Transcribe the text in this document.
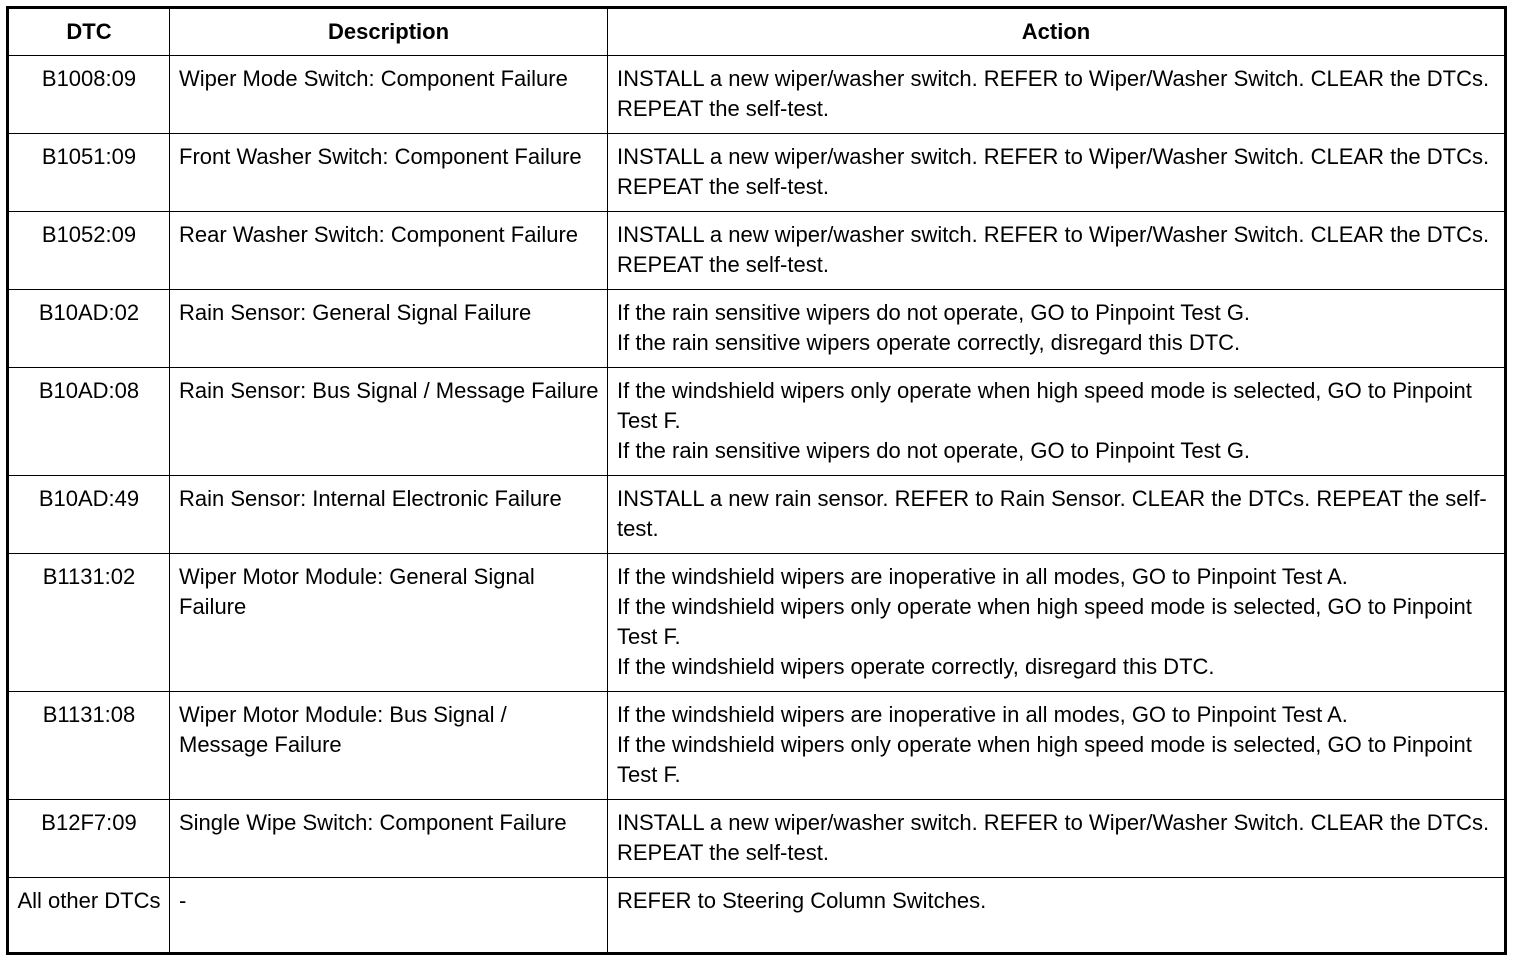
DTC	Description	Action
B1008:09	Wiper Mode Switch: Component Failure	INSTALL a new wiper/washer switch. REFER to Wiper/Washer Switch. CLEAR the DTCs. REPEAT the self-test.

B1051:09	Front Washer Switch: Component Failure	INSTALL a new wiper/washer switch. REFER to Wiper/Washer Switch. CLEAR the DTCs. REPEAT the self-test.

B1052:09	Rear Washer Switch: Component Failure	INSTALL a new wiper/washer switch. REFER to Wiper/Washer Switch. CLEAR the DTCs. REPEAT the self-test.

B10AD:02	Rain Sensor: General Signal Failure	If the rain sensitive wipers do not operate, GO to Pinpoint Test G.
If the rain sensitive wipers operate correctly, disregard this DTC.

B10AD:08	Rain Sensor: Bus Signal / Message Failure	If the windshield wipers only operate when high speed mode is selected, GO to Pinpoint Test F.
If the rain sensitive wipers do not operate, GO to Pinpoint Test G.

B10AD:49	Rain Sensor: Internal Electronic Failure	INSTALL a new rain sensor. REFER to Rain Sensor. CLEAR the DTCs. REPEAT the self-test.

B1131:02	Wiper Motor Module: General Signal Failure	If the windshield wipers are inoperative in all modes, GO to Pinpoint Test A.
If the windshield wipers only operate when high speed mode is selected, GO to Pinpoint Test F.
If the windshield wipers operate correctly, disregard this DTC.

B1131:08	Wiper Motor Module: Bus Signal / Message Failure	If the windshield wipers are inoperative in all modes, GO to Pinpoint Test A.
If the windshield wipers only operate when high speed mode is selected, GO to Pinpoint Test F.

B12F7:09	Single Wipe Switch: Component Failure	INSTALL a new wiper/washer switch. REFER to Wiper/Washer Switch. CLEAR the DTCs. REPEAT the self-test.

All other DTCs	-	REFER to Steering Column Switches.
